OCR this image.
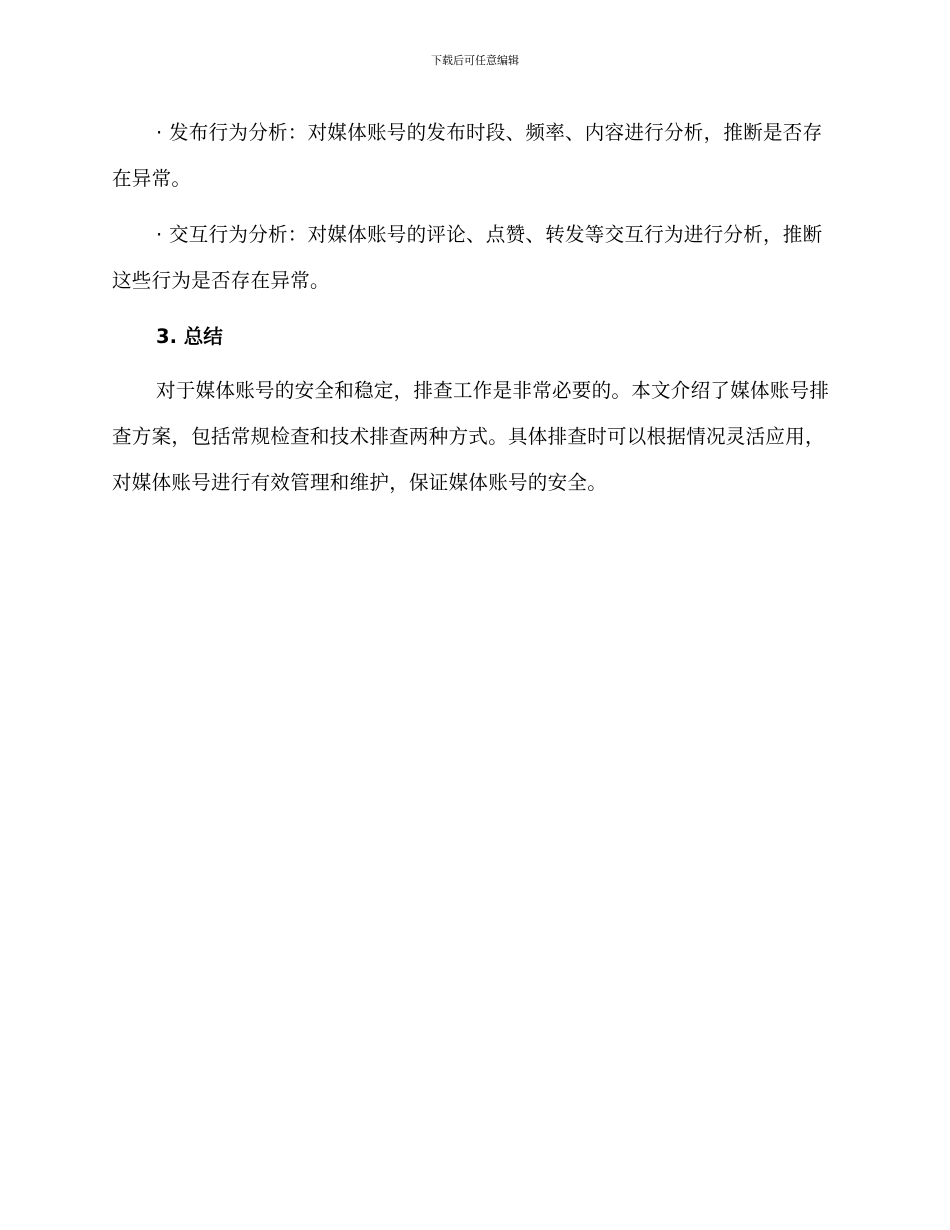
下载后可任意编辑

· 发布行为分析：对媒体账号的发布时段、频率、内容进行分析，推断是否存在异常。

· 交互行为分析：对媒体账号的评论、点赞、转发等交互行为进行分析，推断这些行为是否存在异常。

3. 总结

对于媒体账号的安全和稳定，排查工作是非常必要的。本文介绍了媒体账号排查方案，包括常规检查和技术排查两种方式。具体排查时可以根据情况灵活应用，对媒体账号进行有效管理和维护，保证媒体账号的安全。
